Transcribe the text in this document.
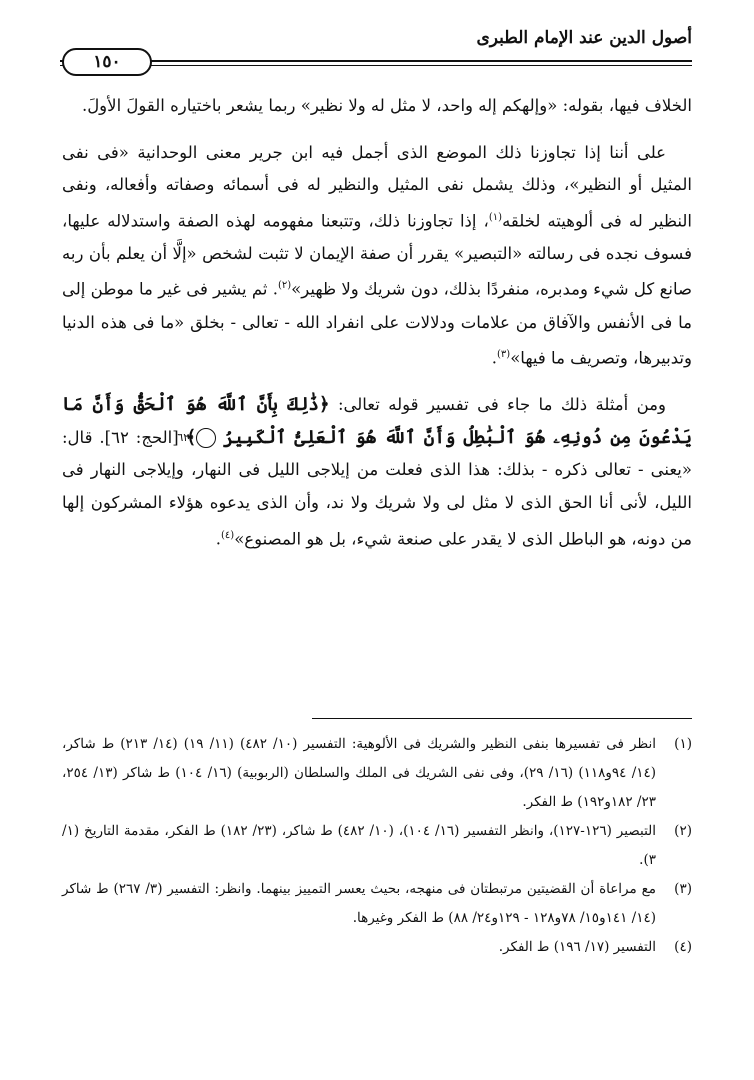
أصول الدين عند الإمام الطبرى
١٥٠

الخلاف فيها، بقوله: «وإلهكم إله واحد، لا مثل له ولا نظير» ربما يشعر باختياره القولَ الأولَ.

على أننا إذا تجاوزنا ذلك الموضع الذى أجمل فيه ابن جرير معنى الوحدانية «فى نفى المثيل أو النظير»، وذلك يشمل نفى المثيل والنظير له فى أسمائه وصفاته وأفعاله، ونفى النظير له فى ألوهيته لخلقه$^{(١)}$، إذا تجاوزنا ذلك، وتتبعنا مفهومه لهذه الصفة واستدلاله عليها، فسوف نجده فى رسالته «التبصير» يقرر أن صفة الإيمان لا تثبت لشخص «إلَّا أن يعلم بأن ربه صانع كل شيء ومدبره، منفردًا بذلك، دون شريك ولا ظهير»$^{(٢)}$. ثم يشير فى غير ما موطن إلى ما فى الأنفس والآفاق من علامات ودلالات على انفراد الله - تعالى - بخلق «ما فى هذه الدنيا وتدبيرها، وتصريف ما فيها»$^{(٣)}$.

ومن أمثلة ذلك ما جاء فى تفسير قوله تعالى: ﴿ذَٰلِكَ بِأَنَّ ٱللَّهَ هُوَ ٱلْحَقُّ وَأَنَّ مَا يَدْعُونَ مِن دُونِهِۦ هُوَ ٱلْبَٰطِلُ وَأَنَّ ٱللَّهَ هُوَ ٱلْعَلِىُّ ٱلْكَبِيرُ ٦٢﴾ [الحج: ٦٢]. قال: «يعنى - تعالى ذكره - بذلك: هذا الذى فعلت من إيلاجى الليل فى النهار، وإيلاجى النهار فى الليل، لأنى أنا الحق الذى لا مثل لى ولا شريك ولا ند، وأن الذى يدعوه هؤلاء المشركون إلها من دونه، هو الباطل الذى لا يقدر على صنعة شيء، بل هو المصنوع»$^{(٤)}$.

(١)
انظر فى تفسيرها بنفى النظير والشريك فى الألوهية: التفسير (١٠/ ٤٨٢) (١١/ ١٩) (١٤/ ٢١٣) ط شاكر، (١٤/ ٩٤و١١٨) (١٦/ ٢٩)، وفى نفى الشريك فى الملك والسلطان (الربوبية) (١٦/ ١٠٤) ط شاكر (١٣/ ٢٥٤، ٢٣/ ١٨٢و١٩٢) ط الفكر.
(٢)
التبصير (١٢٦-١٢٧)، وانظر التفسير (١٦/ ١٠٤)، (١٠/ ٤٨٢) ط شاكر، (٢٣/ ١٨٢) ط الفكر، مقدمة التاريخ (١/ ٣).
(٣)
مع مراعاة أن القضيتين مرتبطتان فى منهجه، بحيث يعسر التمييز بينهما. وانظر: التفسير (٣/ ٢٦٧) ط شاكر (١٤/ ١٤١و١٥/ ٧٨و١٢٨ - ١٢٩و٢٤/ ٨٨) ط الفكر وغيرها.
(٤)
التفسير (١٧/ ١٩٦) ط الفكر.
